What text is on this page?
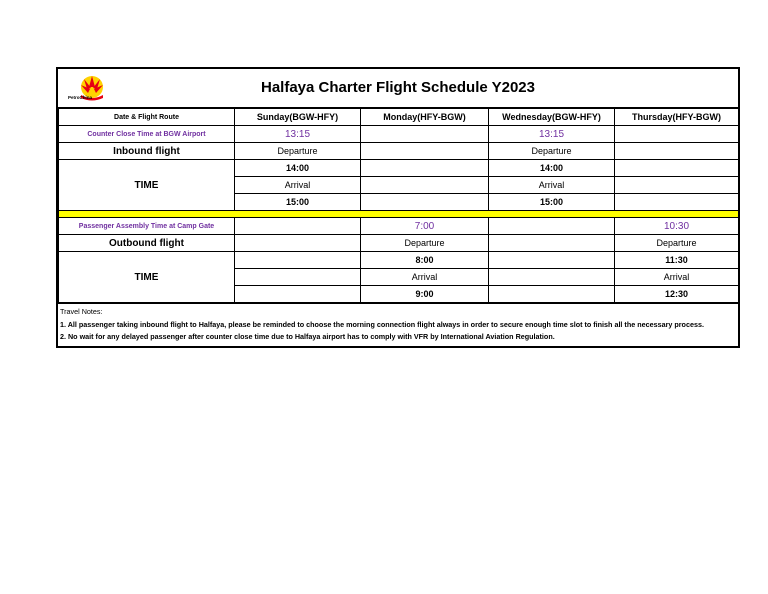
PetroChina
Halfaya Charter Flight Schedule Y2023
Date & Flight Route	Sunday(BGW-HFY)	Monday(HFY-BGW)	Wednesday(BGW-HFY)	Thursday(HFY-BGW)
Counter Close Time at BGW Airport	13:15		13:15	
Inbound flight	Departure		Departure	
TIME	14:00		14:00	
	Arrival		Arrival	
	15:00		15:00	

Passenger Assembly Time at Camp Gate		7:00		10:30
Outbound flight		Departure		Departure
TIME		8:00		11:30
		Arrival		Arrival
		9:00		12:30
Travel Notes:
1. All passenger taking inbound flight to Halfaya, please be reminded to choose the morning connection flight always in order to secure enough time slot to finish all the necessary process.
2. No wait for any delayed passenger after counter close time due to Halfaya airport has to comply with VFR by International Aviation Regulation.
